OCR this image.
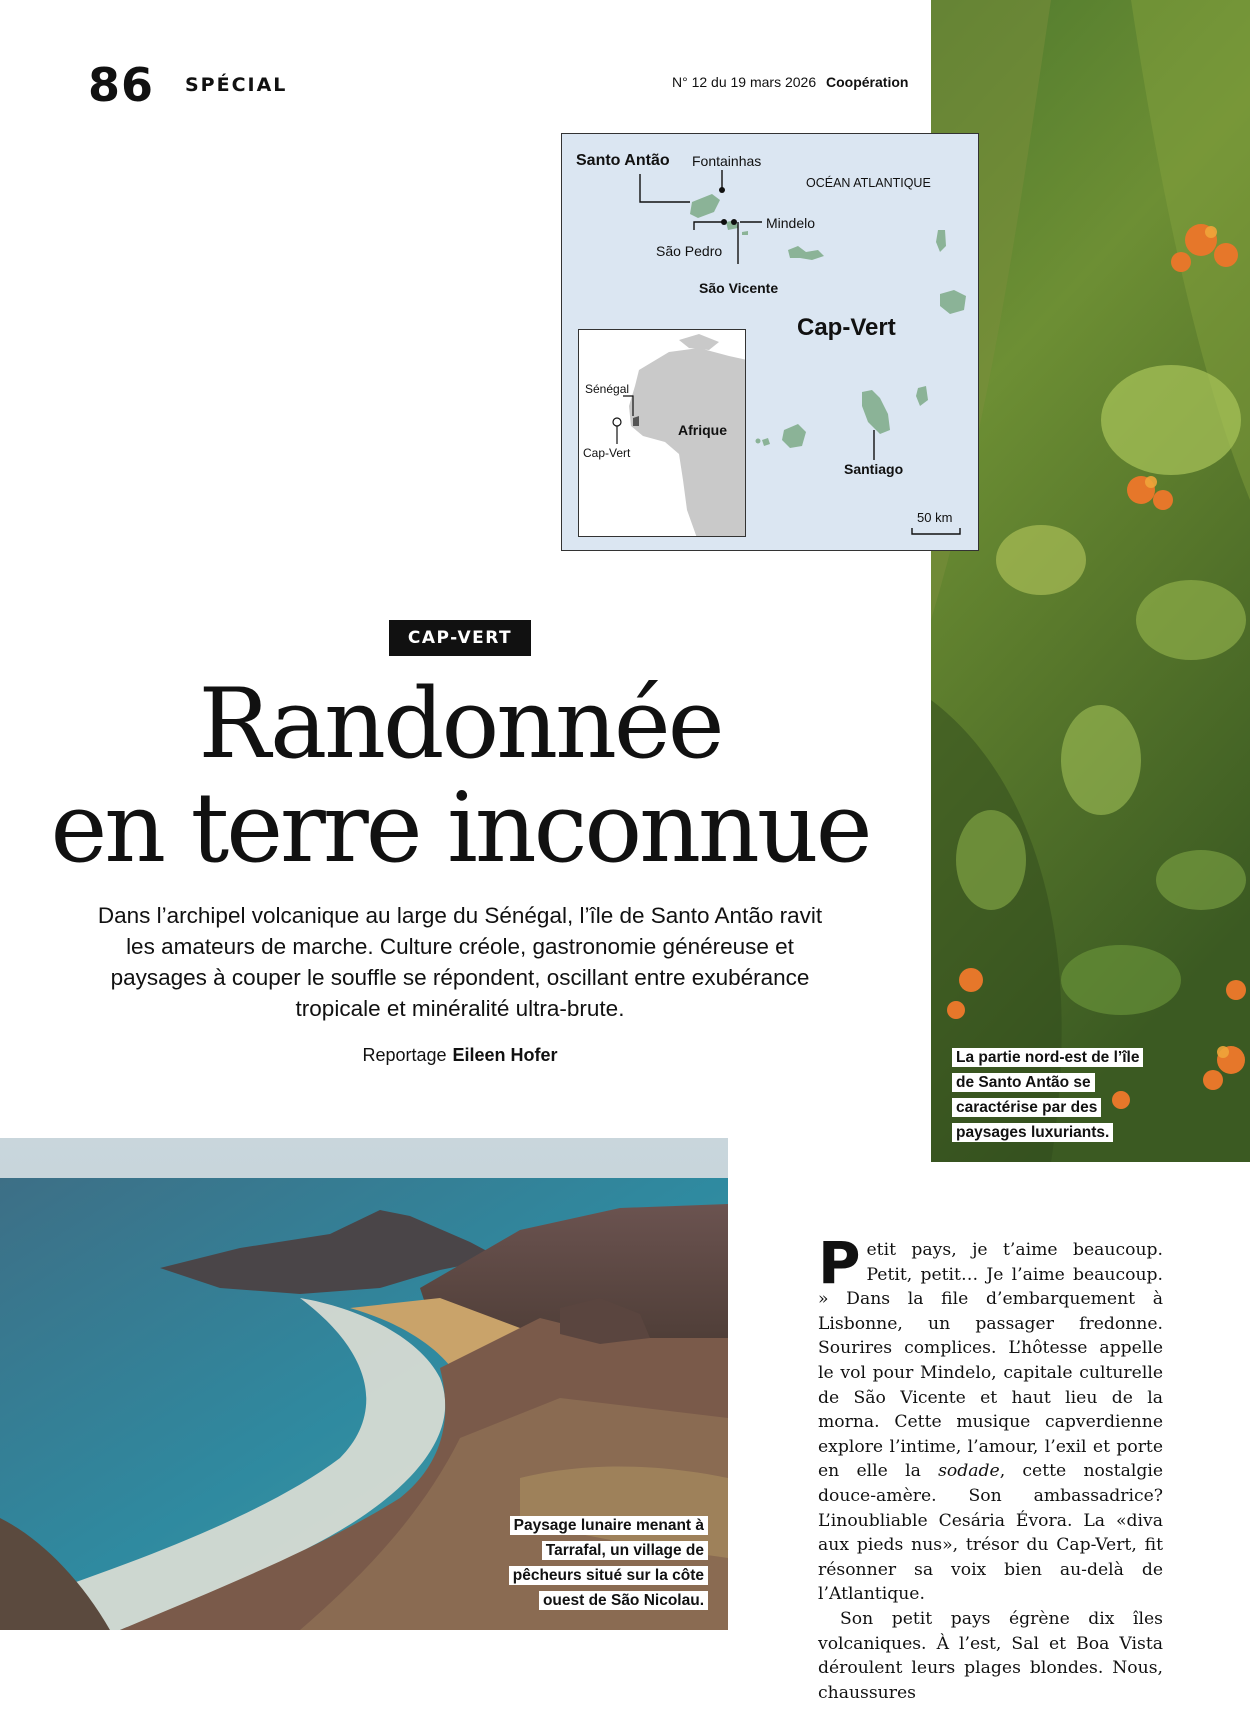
86 SPÉCIAL	N° 12 du 19 mars 2026 Coopération
La partie nord-est de l’île de Santo Antão se caractérise par des paysages luxuriants.
Santo Antão Fontainhas
OCÉAN ATLANTIQUE
Mindelo
São Pedro
São Vicente
Cap-Vert
Santiago
50 km
Sénégal
Cap-Vert
Afrique
CAP-VERT
Randonnée
en terre inconnue
Dans l’archipel volcanique au large du Sénégal, l’île de Santo Antão ravit les amateurs de marche. Culture créole, gastronomie généreuse et paysages à couper le souffle se répondent, oscillant entre exubérance tropicale et minéralité ultra-brute.
Reportage Eileen Hofer
Paysage lunaire menant à Tarrafal, un village de pêcheurs situé sur la côte ouest de São Nicolau.

Petit pays, je t’aime beaucoup. Petit, petit… Je l’aime beaucoup. » Dans la file d’embarquement à Lisbonne, un passager fredonne. Sourires complices. L’hôtesse appelle le vol pour Mindelo, capitale culturelle de São Vicente et haut lieu de la morna. Cette musique capverdienne explore l’intime, l’amour, l’exil et porte en elle la sodade, cette nostalgie douce-amère. Son ambassadrice? L’inoubliable Cesária Évora. La «diva aux pieds nus», trésor du Cap-Vert, fit résonner sa voix bien au-delà de l’Atlantique.

Son petit pays égrène dix îles volcaniques. À l’est, Sal et Boa Vista déroulent leurs plages blondes. Nous, chaussures
